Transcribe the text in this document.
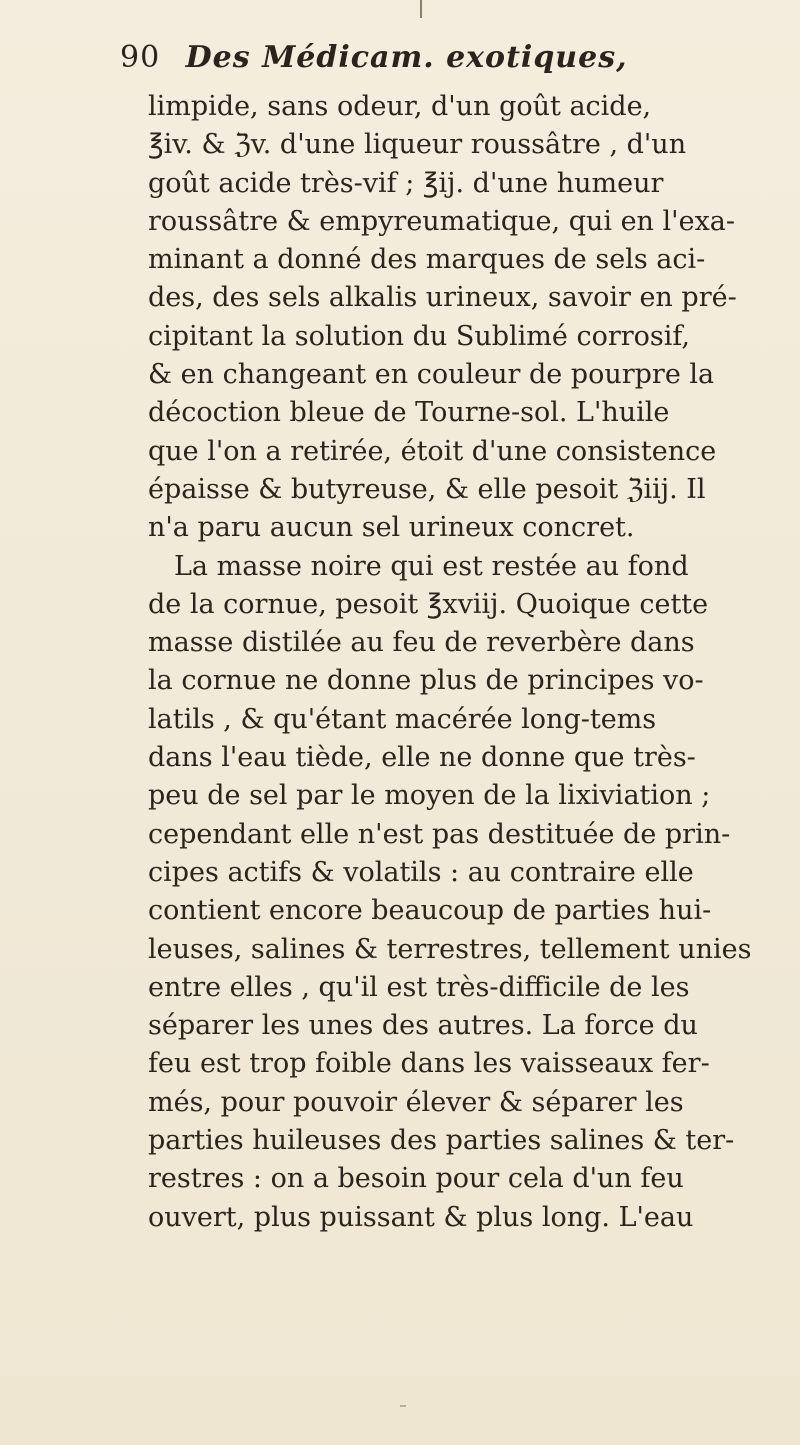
90 Des Médicam. exotiques,
limpide, sans odeur, d'un goût acide,
℥iv. & ℨv. d'une liqueur roussâtre , d'un
goût acide très-vif ; ℥ij. d'une humeur
roussâtre & empyreumatique, qui en l'exa-
minant a donné des marques de sels aci-
des, des sels alkalis urineux, savoir en pré-
cipitant la solution du Sublimé corrosif,
& en changeant en couleur de pourpre la
décoction bleue de Tourne-sol. L'huile
que l'on a retirée, étoit d'une consistence
épaisse & butyreuse, & elle pesoit ℨiij. Il
n'a paru aucun sel urineux concret.
La masse noire qui est restée au fond
de la cornue, pesoit ℥xviij. Quoique cette
masse distilée au feu de reverbère dans
la cornue ne donne plus de principes vo-
latils , & qu'étant macérée long-tems
dans l'eau tiède, elle ne donne que très-
peu de sel par le moyen de la lixiviation ;
cependant elle n'est pas destituée de prin-
cipes actifs & volatils : au contraire elle
contient encore beaucoup de parties hui-
leuses, salines & terrestres, tellement unies
entre elles , qu'il est très-difficile de les
séparer les unes des autres. La force du
feu est trop foible dans les vaisseaux fer-
més, pour pouvoir élever & séparer les
parties huileuses des parties salines & ter-
restres : on a besoin pour cela d'un feu
ouvert, plus puissant & plus long. L'eau
